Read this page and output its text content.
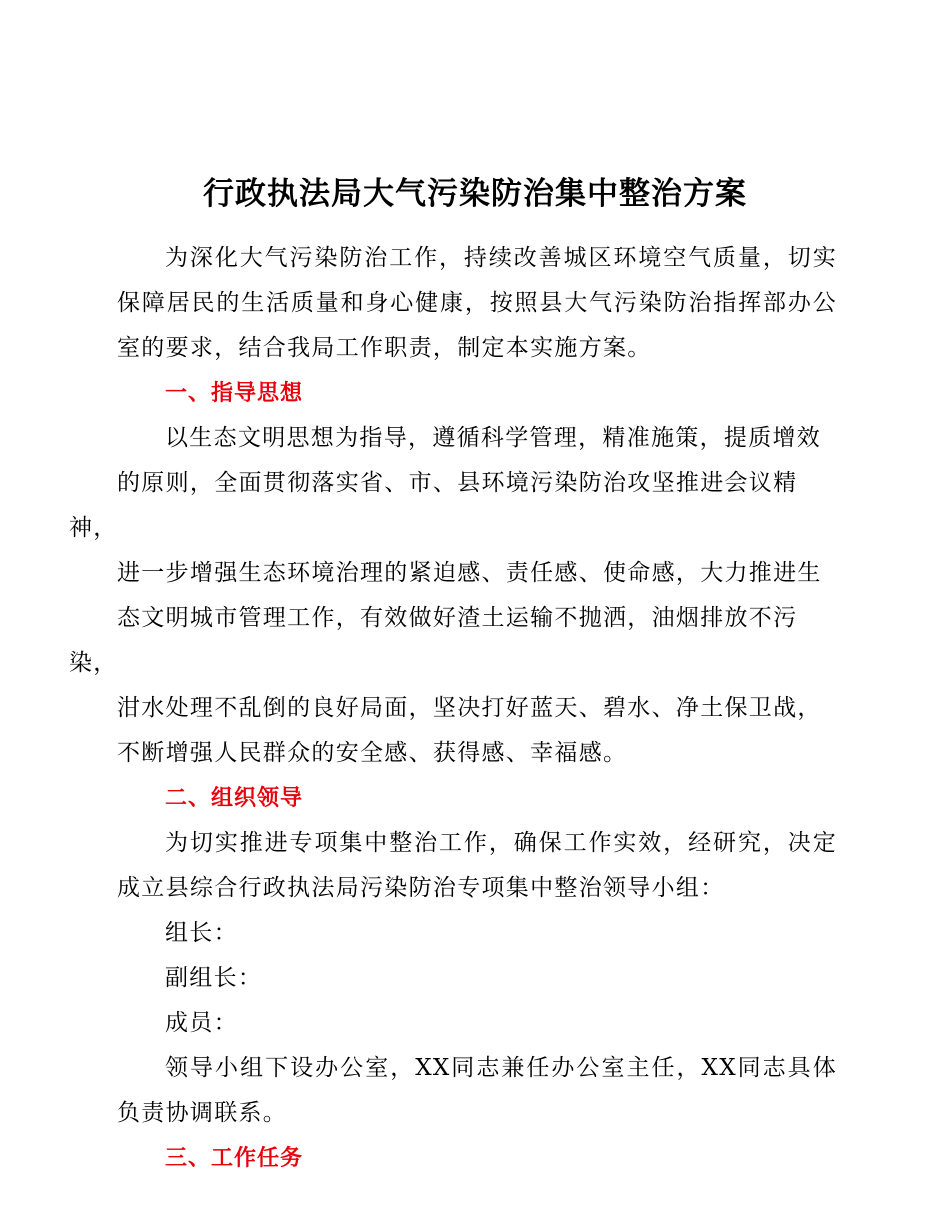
行政执法局大气污染防治集中整治方案

为深化大气污染防治工作，持续改善城区环境空气质量，切实保障居民的生活质量和身心健康，按照县大气污染防治指挥部办公室的要求，结合我局工作职责，制定本实施方案。

一、指导思想

以生态文明思想为指导，遵循科学管理，精准施策，提质增效
的原则，全面贯彻落实省、市、县环境污染防治攻坚推进会议精神，
进一步增强生态环境治理的紧迫感、责任感、使命感，大力推进生
态文明城市管理工作，有效做好渣土运输不抛洒，油烟排放不污染，
泔水处理不乱倒的良好局面，坚决打好蓝天、碧水、净土保卫战，
不断增强人民群众的安全感、获得感、幸福感。

二、组织领导

为切实推进专项集中整治工作，确保工作实效，经研究，决定成立县综合行政执法局污染防治专项集中整治领导小组：

组长：
副组长：
成员：

领导小组下设办公室，XX同志兼任办公室主任，XX同志具体负责协调联系。

三、工作任务
